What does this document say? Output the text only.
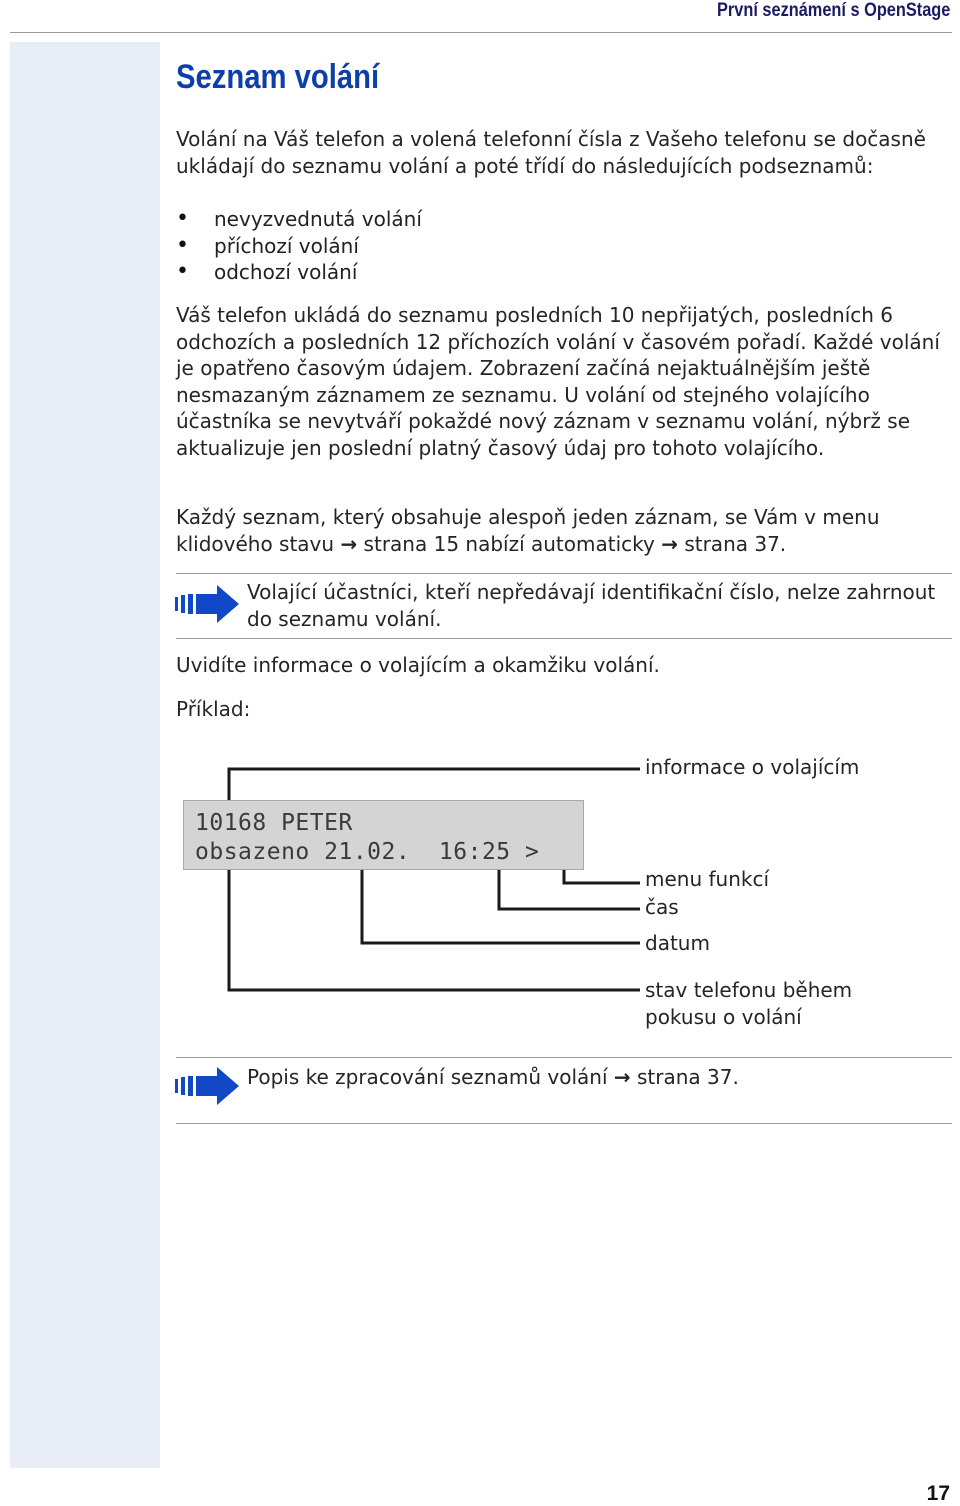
První seznámení s OpenStage
Seznam volání

Volání na Váš telefon a volená telefonní čísla z Vašeho telefonu se dočasně ukládají do seznamu volání a poté třídí do následujících podseznamů:

• nevyzvednutá volání
• příchozí volání
• odchozí volání

Váš telefon ukládá do seznamu posledních 10 nepřijatých, posledních 6 odchozích a posledních 12 příchozích volání v časovém pořadí. Každé volání je opatřeno časovým údajem. Zobrazení začíná nejaktuálnějším ještě nesmazaným záznamem ze seznamu. U volání od stejného volajícího účastníka se nevytváří pokaždé nový záznam v seznamu volání, nýbrž se aktualizuje jen poslední platný časový údaj pro tohoto volajícího.

Každý seznam, který obsahuje alespoň jeden záznam, se Vám v menu klidového stavu → strana 15 nabízí automaticky → strana 37.

Volající účastníci, kteří nepředávají identifikační číslo, nelze zahrnout do seznamu volání.

Uvidíte informace o volajícím a okamžiku volání.

Příklad:

10168 PETER
obsazeno 21.02.  16:25 >

informace o volajícím

menu funkcí

čas

datum

stav telefonu během

pokusu o volání

Popis ke zpracování seznamů volání → strana 37.

17
